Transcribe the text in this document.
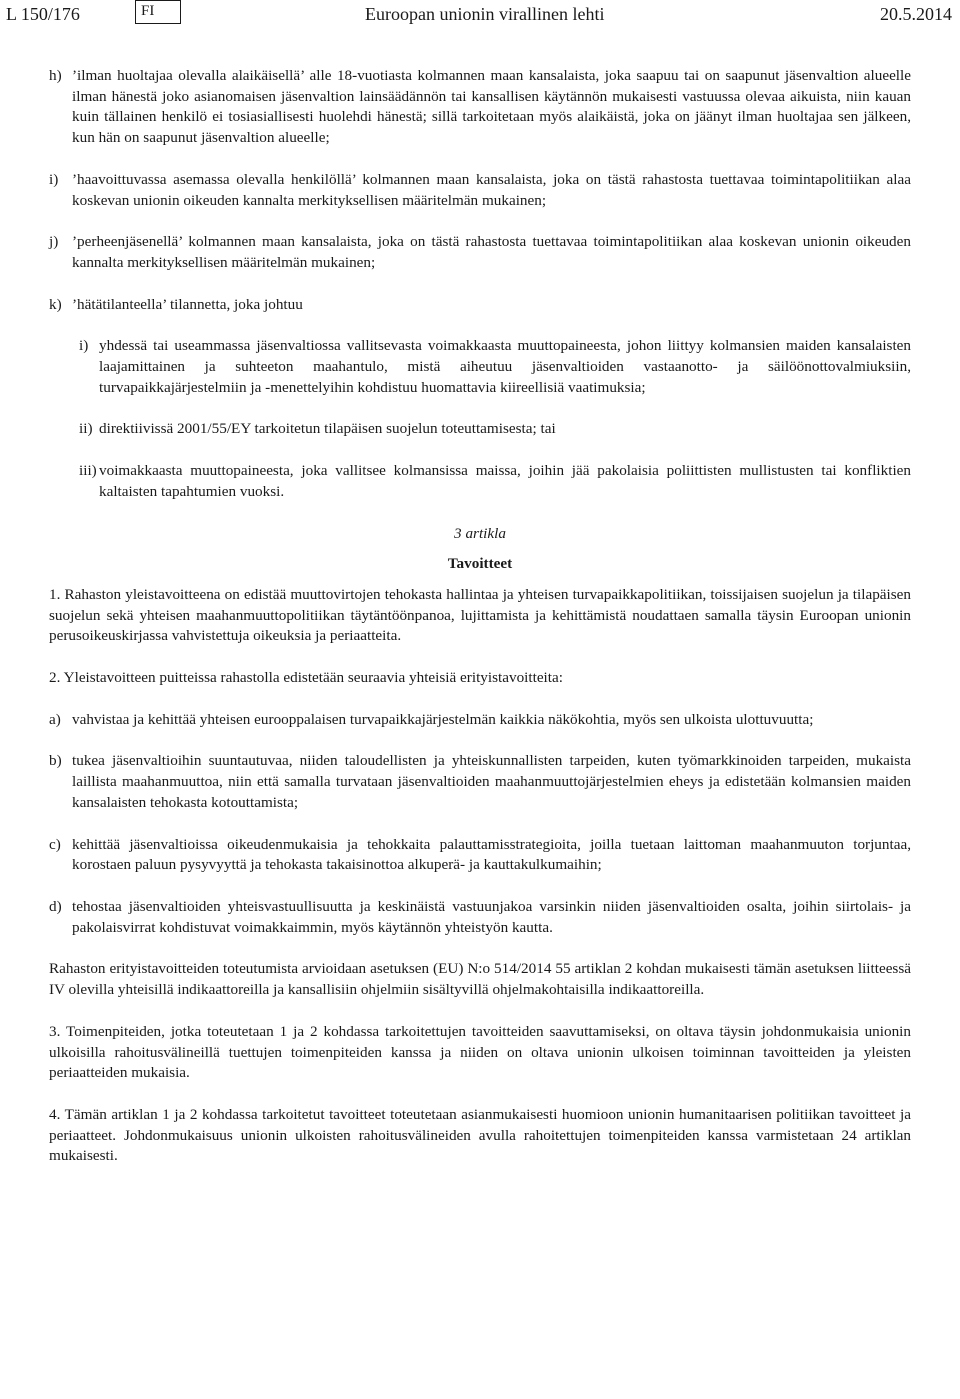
L 150/176	FI	Euroopan unionin virallinen lehti	20.5.2014
h) ’ilman huoltajaa olevalla alaikäisellä’ alle 18-vuotiasta kolmannen maan kansalaista, joka saapuu tai on saapunut jäsenvaltion alueelle ilman hänestä joko asianomaisen jäsenvaltion lainsäädännön tai kansallisen käytännön mukaisesti vastuussa olevaa aikuista, niin kauan kuin tällainen henkilö ei tosiasiallisesti huolehdi hänestä; sillä tarkoitetaan myös alaikäistä, joka on jäänyt ilman huoltajaa sen jälkeen, kun hän on saapunut jäsenvaltion alueelle;
i) ’haavoittuvassa asemassa olevalla henkilöllä’ kolmannen maan kansalaista, joka on tästä rahastosta tuettavaa toimintapolitiikan alaa koskevan unionin oikeuden kannalta merkityksellisen määritelmän mukainen;
j) ’perheenjäsenellä’ kolmannen maan kansalaista, joka on tästä rahastosta tuettavaa toimintapolitiikan alaa koskevan unionin oikeuden kannalta merkityksellisen määritelmän mukainen;
k) ’hätätilanteella’ tilannetta, joka johtuu
i) yhdessä tai useammassa jäsenvaltiossa vallitsevasta voimakkaasta muuttopaineesta, johon liittyy kolmansien maiden kansalaisten laajamittainen ja suhteeton maahantulo, mistä aiheutuu jäsenvaltioiden vastaanotto- ja säilöönottovalmiuksiin, turvapaikkajärjestelmiin ja -menettelyihin kohdistuu huomattavia kiireellisiä vaatimuksia;
ii) direktiivissä 2001/55/EY tarkoitetun tilapäisen suojelun toteuttamisesta; tai
iii) voimakkaasta muuttopaineesta, joka vallitsee kolmansissa maissa, joihin jää pakolaisia poliittisten mullistusten tai konfliktien kaltaisten tapahtumien vuoksi.

3 artikla

Tavoitteet

1. Rahaston yleistavoitteena on edistää muuttovirtojen tehokasta hallintaa ja yhteisen turvapaikkapolitiikan, toissijaisen suojelun ja tilapäisen suojelun sekä yhteisen maahanmuuttopolitiikan täytäntöönpanoa, lujittamista ja kehittämistä noudattaen samalla täysin Euroopan unionin perusoikeuskirjassa vahvistettuja oikeuksia ja periaatteita.

2. Yleistavoitteen puitteissa rahastolla edistetään seuraavia yhteisiä erityistavoitteita:

a) vahvistaa ja kehittää yhteisen eurooppalaisen turvapaikkajärjestelmän kaikkia näkökohtia, myös sen ulkoista ulottuvuutta;
b) tukea jäsenvaltioihin suuntautuvaa, niiden taloudellisten ja yhteiskunnallisten tarpeiden, kuten työmarkkinoiden tarpeiden, mukaista laillista maahanmuuttoa, niin että samalla turvataan jäsenvaltioiden maahanmuuttojärjestelmien eheys ja edistetään kolmansien maiden kansalaisten tehokasta kotouttamista;
c) kehittää jäsenvaltioissa oikeudenmukaisia ja tehokkaita palauttamisstrategioita, joilla tuetaan laittoman maahanmuuton torjuntaa, korostaen paluun pysyvyyttä ja tehokasta takaisinottoa alkuperä- ja kauttakulkumaihin;
d) tehostaa jäsenvaltioiden yhteisvastuullisuutta ja keskinäistä vastuunjakoa varsinkin niiden jäsenvaltioiden osalta, joihin siirtolais- ja pakolaisvirrat kohdistuvat voimakkaimmin, myös käytännön yhteistyön kautta.

Rahaston erityistavoitteiden toteutumista arvioidaan asetuksen (EU) N:o 514/2014 55 artiklan 2 kohdan mukaisesti tämän asetuksen liitteessä IV olevilla yhteisillä indikaattoreilla ja kansallisiin ohjelmiin sisältyvillä ohjelmakohtaisilla indikaattoreilla.

3. Toimenpiteiden, jotka toteutetaan 1 ja 2 kohdassa tarkoitettujen tavoitteiden saavuttamiseksi, on oltava täysin johdonmukaisia unionin ulkoisilla rahoitusvälineillä tuettujen toimenpiteiden kanssa ja niiden on oltava unionin ulkoisen toiminnan tavoitteiden ja yleisten periaatteiden mukaisia.

4. Tämän artiklan 1 ja 2 kohdassa tarkoitetut tavoitteet toteutetaan asianmukaisesti huomioon unionin humanitaarisen politiikan tavoitteet ja periaatteet. Johdonmukaisuus unionin ulkoisten rahoitusvälineiden avulla rahoitettujen toimenpiteiden kanssa varmistetaan 24 artiklan mukaisesti.
